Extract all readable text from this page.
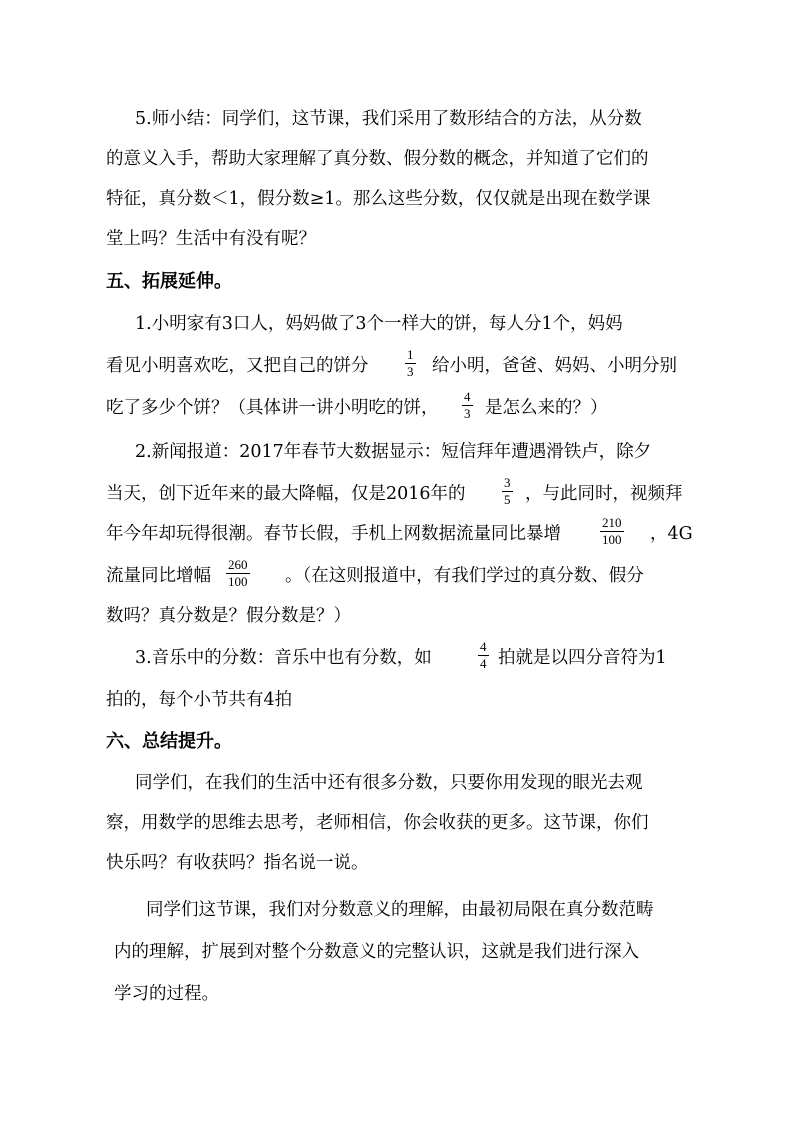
5.师小结：同学们，这节课，我们采用了数形结合的方法，从分数
的意义入手，帮助大家理解了真分数、假分数的概念，并知道了它们的
特征，真分数＜1，假分数≥1。那么这些分数，仅仅就是出现在数学课
堂上吗？生活中有没有呢？
五、拓展延伸。
1.小明家有3口人，妈妈做了3个一样大的饼，每人分1个，妈妈
看见小明喜欢吃，又把自己的饼分
1
3 给小明，爸爸、妈妈、小明分别
吃了多少个饼？（具体讲一讲小明吃的饼，
4
3 是怎么来的？）
2.新闻报道：2017年春节大数据显示：短信拜年遭遇滑铁卢，除夕
当天，创下近年来的最大降幅，仅是2016年的
3
5 ，与此同时，视频拜
年今年却玩得很潮。春节长假，手机上网数据流量同比暴增
210
100 ，4G
流量同比增幅
260
100 。（在这则报道中，有我们学过的真分数、假分
数吗？真分数是？假分数是？）
3.音乐中的分数：音乐中也有分数，如
4
4 拍就是以四分音符为1
拍的，每个小节共有4拍
六、总结提升。
同学们，在我们的生活中还有很多分数，只要你用发现的眼光去观
察，用数学的思维去思考，老师相信，你会收获的更多。这节课，你们
快乐吗？有收获吗？指名说一说。
同学们这节课，我们对分数意义的理解，由最初局限在真分数范畴
内的理解，扩展到对整个分数意义的完整认识，这就是我们进行深入
学习的过程。
